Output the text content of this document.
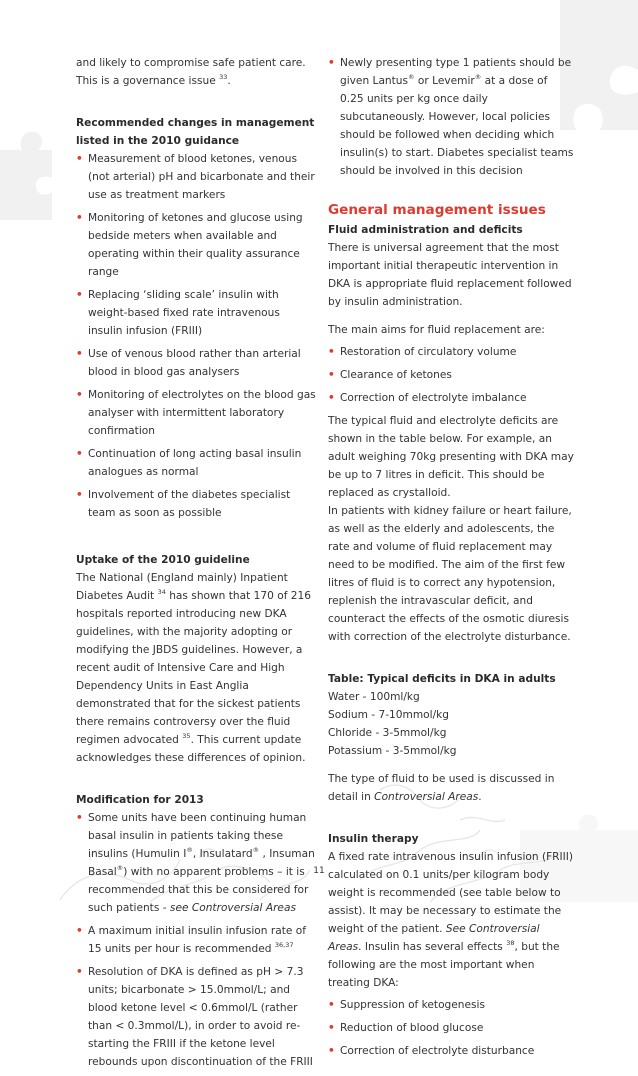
and likely to compromise safe patient care. This is a governance issue $^{33}$.

Recommended changes in management listed in the 2010 guidance

• Measurement of blood ketones, venous (not arterial) pH and bicarbonate and their use as treatment markers
• Monitoring of ketones and glucose using bedside meters when available and operating within their quality assurance range
• Replacing ‘sliding scale’ insulin with weight-based fixed rate intravenous insulin infusion (FRIII)
• Use of venous blood rather than arterial blood in blood gas analysers
• Monitoring of electrolytes on the blood gas analyser with intermittent laboratory confirmation
• Continuation of long acting basal insulin analogues as normal
• Involvement of the diabetes specialist team as soon as possible

Uptake of the 2010 guideline

The National (England mainly) Inpatient Diabetes Audit $^{34}$ has shown that 170 of 216 hospitals reported introducing new DKA guidelines, with the majority adopting or modifying the JBDS guidelines. However, a recent audit of Intensive Care and High Dependency Units in East Anglia demonstrated that for the sickest patients there remains controversy over the fluid regimen advocated $^{35}$. This current update acknowledges these differences of opinion.

Modification for 2013

• Some units have been continuing human basal insulin in patients taking these insulins (Humulin I®, Insulatard® , Insuman Basal®) with no apparent problems – it is recommended that this be considered for such patients - see Controversial Areas
• A maximum initial insulin infusion rate of 15 units per hour is recommended $^{36,37}$
• Resolution of DKA is defined as pH > 7.3 units; bicarbonate > 15.0mmol/L; and blood ketone level < 0.6mmol/L (rather than < 0.3mmol/L), in order to avoid re-starting the FRIII if the ketone level rebounds upon discontinuation of the FRIII
• Newly presenting type 1 patients should be given Lantus® or Levemir® at a dose of 0.25 units per kg once daily subcutaneously. However, local policies should be followed when deciding which insulin(s) to start. Diabetes specialist teams should be involved in this decision

General management issues

Fluid administration and deficits

There is universal agreement that the most important initial therapeutic intervention in DKA is appropriate fluid replacement followed by insulin administration.

The main aims for fluid replacement are:

• Restoration of circulatory volume
• Clearance of ketones
• Correction of electrolyte imbalance

The typical fluid and electrolyte deficits are shown in the table below. For example, an adult weighing 70kg presenting with DKA may be up to 7 litres in deficit. This should be replaced as crystalloid.

In patients with kidney failure or heart failure, as well as the elderly and adolescents, the rate and volume of fluid replacement may need to be modified. The aim of the first few litres of fluid is to correct any hypotension, replenish the intravascular deficit, and counteract the effects of the osmotic diuresis with correction of the electrolyte disturbance.

Table: Typical deficits in DKA in adults

Water - 100ml/kg

Sodium - 7-10mmol/kg

Chloride - 3-5mmol/kg

Potassium - 3-5mmol/kg

The type of fluid to be used is discussed in detail in Controversial Areas.

Insulin therapy

A fixed rate intravenous insulin infusion (FRIII) calculated on 0.1 units/per kilogram body weight is recommended (see table below to assist). It may be necessary to estimate the weight of the patient. See Controversial Areas. Insulin has several effects $^{38}$, but the following are the most important when treating DKA:

• Suppression of ketogenesis
• Reduction of blood glucose
• Correction of electrolyte disturbance
11
